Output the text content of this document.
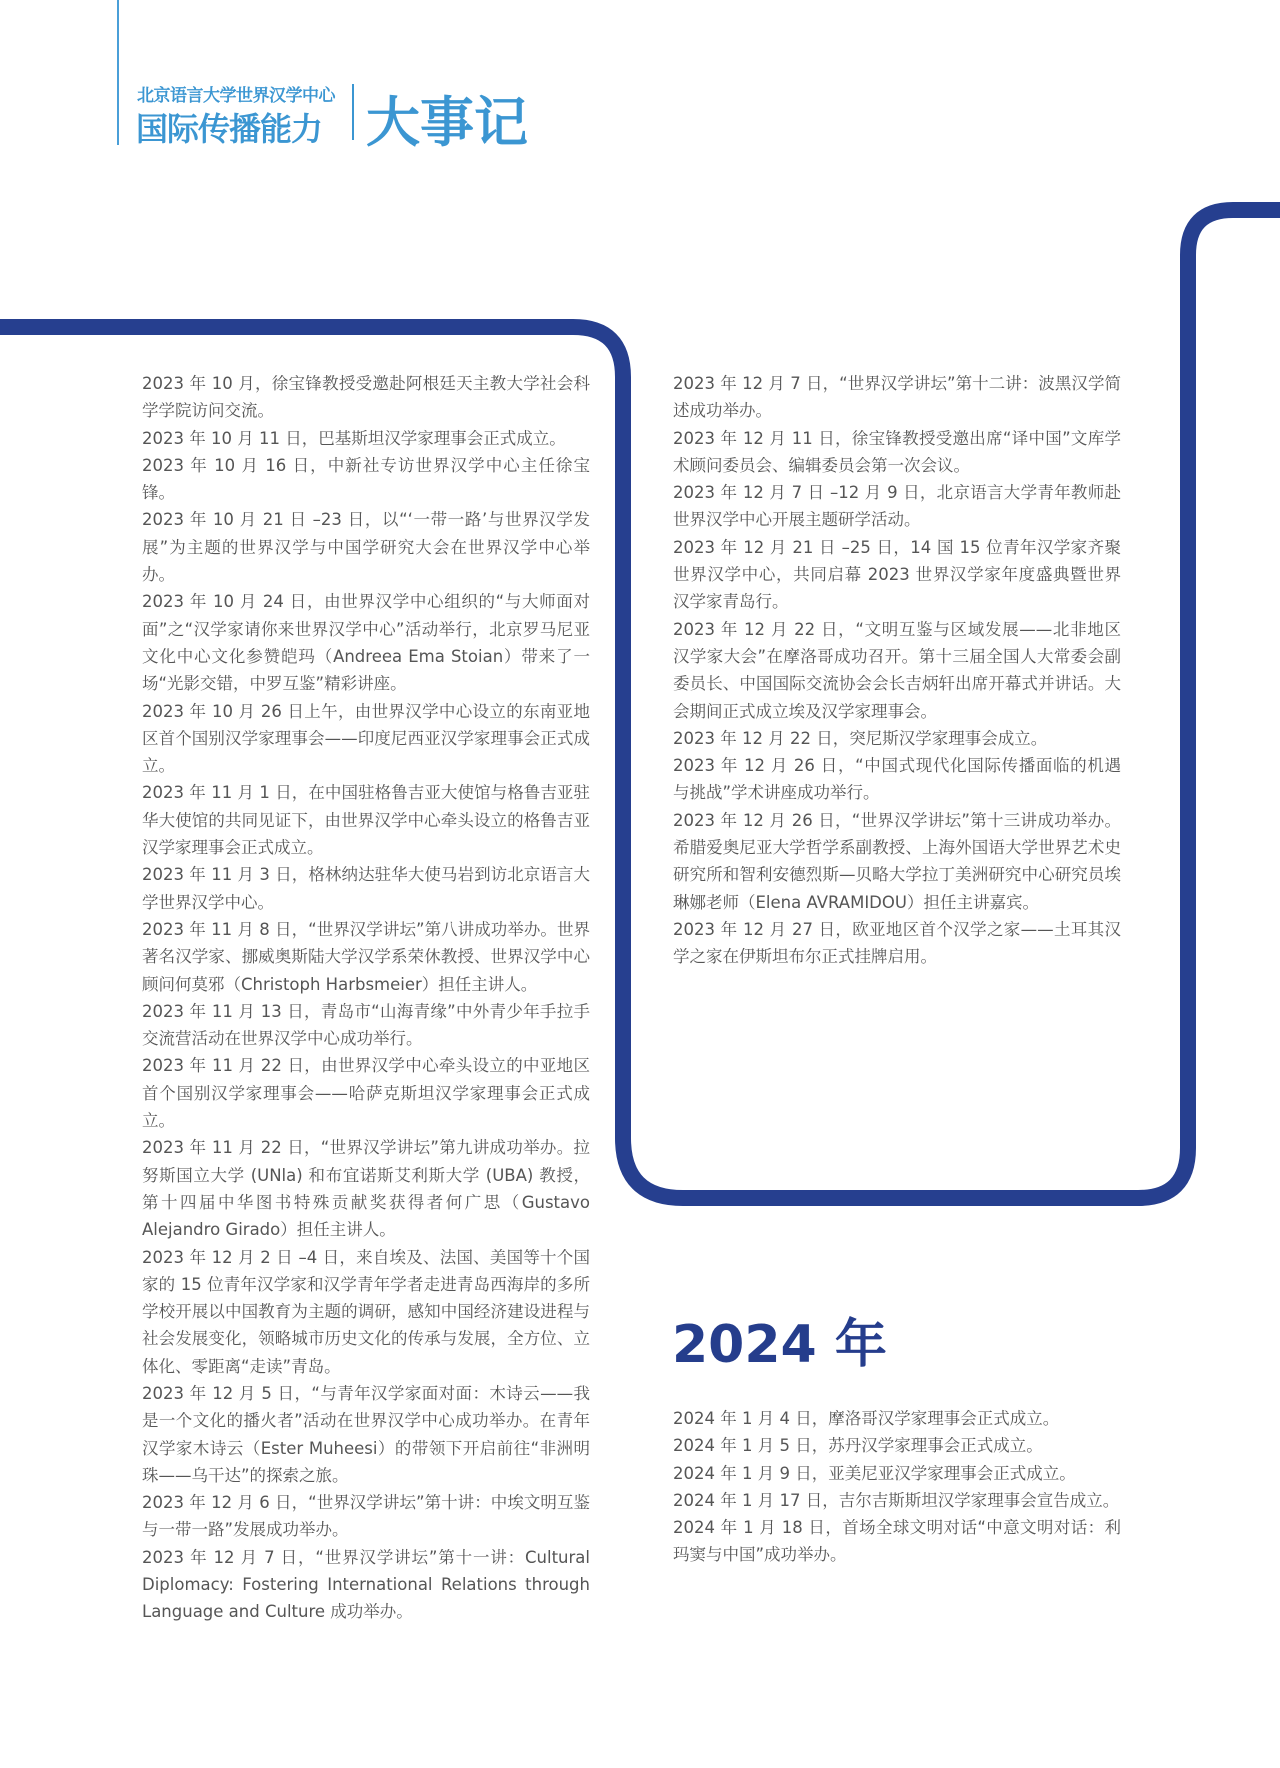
北京语言大学世界汉学中心
国际传播能力 大事记

2023 年 10 月，徐宝锋教授受邀赴阿根廷天主教大学社会科学学院访问交流。

2023 年 10 月 11 日，巴基斯坦汉学家理事会正式成立。

2023 年 10 月 16 日，中新社专访世界汉学中心主任徐宝锋。

2023 年 10 月 21 日 –23 日，以“‘一带一路’与世界汉学发展”为主题的世界汉学与中国学研究大会在世界汉学中心举办。

2023 年 10 月 24 日，由世界汉学中心组织的“与大师面对面”之“汉学家请你来世界汉学中心”活动举行，北京罗马尼亚文化中心文化参赞皑玛（Andreea Ema Stoian）带来了一场“光影交错，中罗互鉴”精彩讲座。

2023 年 10 月 26 日上午，由世界汉学中心设立的东南亚地区首个国别汉学家理事会——印度尼西亚汉学家理事会正式成立。

2023 年 11 月 1 日，在中国驻格鲁吉亚大使馆与格鲁吉亚驻华大使馆的共同见证下，由世界汉学中心牵头设立的格鲁吉亚汉学家理事会正式成立。

2023 年 11 月 3 日，格林纳达驻华大使马岩到访北京语言大学世界汉学中心。

2023 年 11 月 8 日，“世界汉学讲坛”第八讲成功举办。世界著名汉学家、挪威奥斯陆大学汉学系荣休教授、世界汉学中心顾问何莫邪（Christoph Harbsmeier）担任主讲人。

2023 年 11 月 13 日，青岛市“山海青缘”中外青少年手拉手交流营活动在世界汉学中心成功举行。

2023 年 11 月 22 日，由世界汉学中心牵头设立的中亚地区首个国别汉学家理事会——哈萨克斯坦汉学家理事会正式成立。

2023 年 11 月 22 日，“世界汉学讲坛”第九讲成功举办。拉努斯国立大学 (UNla) 和布宜诺斯艾利斯大学 (UBA) 教授，第十四届中华图书特殊贡献奖获得者何广思（Gustavo Alejandro Girado）担任主讲人。

2023 年 12 月 2 日 –4 日，来自埃及、法国、美国等十个国家的 15 位青年汉学家和汉学青年学者走进青岛西海岸的多所学校开展以中国教育为主题的调研，感知中国经济建设进程与社会发展变化，领略城市历史文化的传承与发展，全方位、立体化、零距离“走读”青岛。

2023 年 12 月 5 日，“与青年汉学家面对面：木诗云——我是一个文化的播火者”活动在世界汉学中心成功举办。在青年汉学家木诗云（Ester Muheesi）的带领下开启前往“非洲明珠——乌干达”的探索之旅。

2023 年 12 月 6 日，“世界汉学讲坛”第十讲：中埃文明互鉴与一带一路”发展成功举办。

2023 年 12 月 7 日，“世界汉学讲坛”第十一讲：Cultural Diplomacy: Fostering International Relations through Language and Culture 成功举办。

2023 年 12 月 7 日，“世界汉学讲坛”第十二讲：波黑汉学简述成功举办。

2023 年 12 月 11 日，徐宝锋教授受邀出席“译中国”文库学术顾问委员会、编辑委员会第一次会议。

2023 年 12 月 7 日 –12 月 9 日，北京语言大学青年教师赴世界汉学中心开展主题研学活动。

2023 年 12 月 21 日 –25 日，14 国 15 位青年汉学家齐聚世界汉学中心，共同启幕 2023 世界汉学家年度盛典暨世界汉学家青岛行。

2023 年 12 月 22 日，“文明互鉴与区域发展——北非地区汉学家大会”在摩洛哥成功召开。第十三届全国人大常委会副委员长、中国国际交流协会会长吉炳轩出席开幕式并讲话。大会期间正式成立埃及汉学家理事会。

2023 年 12 月 22 日，突尼斯汉学家理事会成立。

2023 年 12 月 26 日，“中国式现代化国际传播面临的机遇与挑战”学术讲座成功举行。

2023 年 12 月 26 日，“世界汉学讲坛”第十三讲成功举办。希腊爱奥尼亚大学哲学系副教授、上海外国语大学世界艺术史研究所和智利安德烈斯—贝略大学拉丁美洲研究中心研究员埃琳娜老师（Elena AVRAMIDOU）担任主讲嘉宾。

2023 年 12 月 27 日，欧亚地区首个汉学之家——土耳其汉学之家在伊斯坦布尔正式挂牌启用。

2024 年

2024 年 1 月 4 日，摩洛哥汉学家理事会正式成立。

2024 年 1 月 5 日，苏丹汉学家理事会正式成立。

2024 年 1 月 9 日，亚美尼亚汉学家理事会正式成立。

2024 年 1 月 17 日，吉尔吉斯斯坦汉学家理事会宣告成立。

2024 年 1 月 18 日，首场全球文明对话“中意文明对话：利玛窦与中国”成功举办。
